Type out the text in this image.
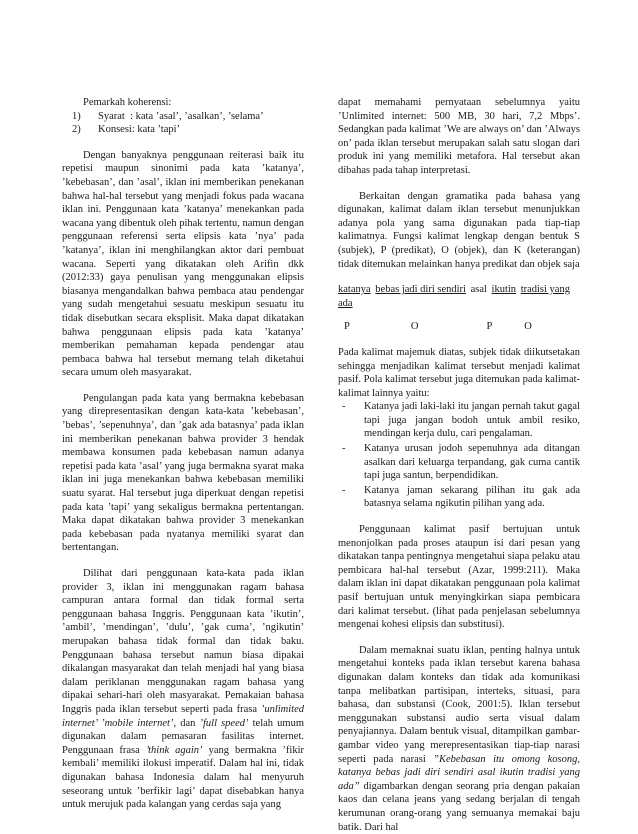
Pemarkah koherensi:

1) Syarat  : kata ’asal’, ’asalkan’, ’selama’
2) Konsesi: kata ’tapi’

Dengan banyaknya penggunaan reiterasi baik itu repetisi maupun sinonimi pada kata ’katanya’, ’kebebasan’, dan ’asal’, iklan ini memberikan penekanan bahwa hal-hal tersebut yang menjadi fokus pada wacana iklan ini. Penggunaan kata ’katanya’ menekankan pada wacana yang dibentuk oleh pihak tertentu, namun dengan penggunaan referensi serta elipsis kata ’nya’ pada ’katanya’, iklan ini menghilangkan aktor dari pembuat wacana. Seperti yang dikatakan oleh Arifin dkk (2012:33) gaya penulisan yang menggunakan elipsis biasanya mengandalkan bahwa pembaca atau pendengar yang sudah mengetahui sesuatu meskipun sesuatu itu tidak disebutkan secara eksplisit. Maka dapat dikatakan bahwa penggunaan elipsis pada kata ’katanya’ memberikan pemahaman kepada pendengar atau pembaca bahwa hal tersebut memang telah diketahui secara umum oleh masyarakat.

Pengulangan pada kata yang bermakna kebebasan yang direpresentasikan dengan kata-kata ’kebebasan’, ’bebas’, ’sepenuhnya’, dan ’gak ada batasnya’ pada iklan ini memberikan penekanan bahwa provider 3 hendak membawa konsumen pada kebebasan namun adanya repetisi pada kata ’asal’ yang juga bermakna syarat maka iklan ini juga menekankan bahwa kebebasan memiliki suatu syarat. Hal tersebut juga diperkuat dengan repetisi pada kata ’tapi’ yang sekaligus bermakna pertentangan. Maka dapat dikatakan bahwa provider 3 menekankan pada kebebasan pada nyatanya memiliki syarat dan bertentangan.

Dilihat dari penggunaan kata-kata pada iklan provider 3, iklan ini menggunakan ragam bahasa campuran antara formal dan tidak formal serta penggunaan bahasa Inggris. Penggunaan kata ’ikutin’, ’ambil’, ’mendingan’, ’dulu’, ’gak cuma’, ’ngikutin’ merupakan bahasa tidak formal dan tidak baku. Penggunaan bahasa tersebut namun biasa dipakai dikalangan masyarakat dan telah menjadi hal yang biasa dalam periklanan menggunakan ragam bahasa yang dipakai sehari-hari oleh masyarakat. Pemakaian bahasa Inggris pada iklan tersebut seperti pada frasa ’unlimited internet’ ’mobile internet’, dan ’full speed’ telah umum digunakan dalam pemasaran fasilitas internet. Penggunaan frasa ’think again’ yang bermakna ’fikir kembali’ memiliki ilokusi imperatif. Dalam hal ini, tidak digunakan bahasa Indonesia dalam hal menyuruh seseorang untuk ’berfikir lagi’ dapat disebabkan hanya untuk merujuk pada kalangan yang cerdas saja yang

dapat memahami pernyataan sebelumnya yaitu ’Unlimited internet: 500 MB, 30 hari, 7,2 Mbps’. Sedangkan pada kalimat ’We are always on’ dan ’Always on’ pada iklan tersebut merupakan salah satu slogan dari produk ini yang memiliki metafora. Hal tersebut akan dibahas pada tahap interpretasi.

Berkaitan dengan gramatika pada bahasa yang digunakan, kalimat dalam iklan tersebut menunjukkan adanya pola yang sama digunakan pada tiap-tiap kalimatnya. Fungsi kalimat lengkap dengan bentuk S (subjek), P (predikat), O (objek), dan K (keterangan) tidak ditemukan melainkan hanya predikat dan objek saja

katanya bebas jadi diri sendiri asal ikutin tradisi yang ada

P	O	P	O

Pada kalimat majemuk diatas, subjek tidak diikutsetakan sehingga menjadikan kalimat tersebut menjadi kalimat pasif. Pola kalimat tersebut juga ditemukan pada kalimat-kalimat lainnya yaitu:

- Katanya jadi laki-laki itu jangan pernah takut gagal tapi juga jangan bodoh untuk ambil resiko, mendingan kerja dulu, cari pengalaman.
- Katanya urusan jodoh sepenuhnya ada ditangan asalkan dari keluarga terpandang, gak cuma cantik tapi juga santun, berpendidikan.
- Katanya jaman sekarang pilihan itu gak ada batasnya selama ngikutin pilihan yang ada.

Penggunaan kalimat pasif bertujuan untuk menonjolkan pada proses ataupun isi dari pesan yang dikatakan tanpa pentingnya mengetahui siapa pelaku atau pembicara hal-hal tersebut (Azar, 1999:211). Maka dalam iklan ini dapat dikatakan penggunaan pola kalimat pasif bertujuan untuk menyingkirkan siapa pembicara dari kalimat tersebut. (lihat pada penjelasan sebelumnya mengenai kohesi elipsis dan substitusi).

Dalam memaknai suatu iklan, penting halnya untuk mengetahui konteks pada iklan tersebut karena bahasa digunakan dalam konteks dan tidak ada komunikasi tanpa melibatkan partisipan, interteks, situasi, para bahasa, dan substansi (Cook, 2001:5). Iklan tersebut menggunakan substansi audio serta visual dalam penyajiannya. Dalam bentuk visual, ditampilkan gambar-gambar video yang merepresentasikan tiap-tiap narasi seperti pada narasi ”Kebebasan itu omong kosong, katanya bebas jadi diri sendiri asal ikutin tradisi yang ada” digambarkan dengan seorang pria dengan pakaian kaos dan celana jeans yang sedang berjalan di tengah kerumunan orang-orang yang semuanya memakai baju batik. Dari hal
